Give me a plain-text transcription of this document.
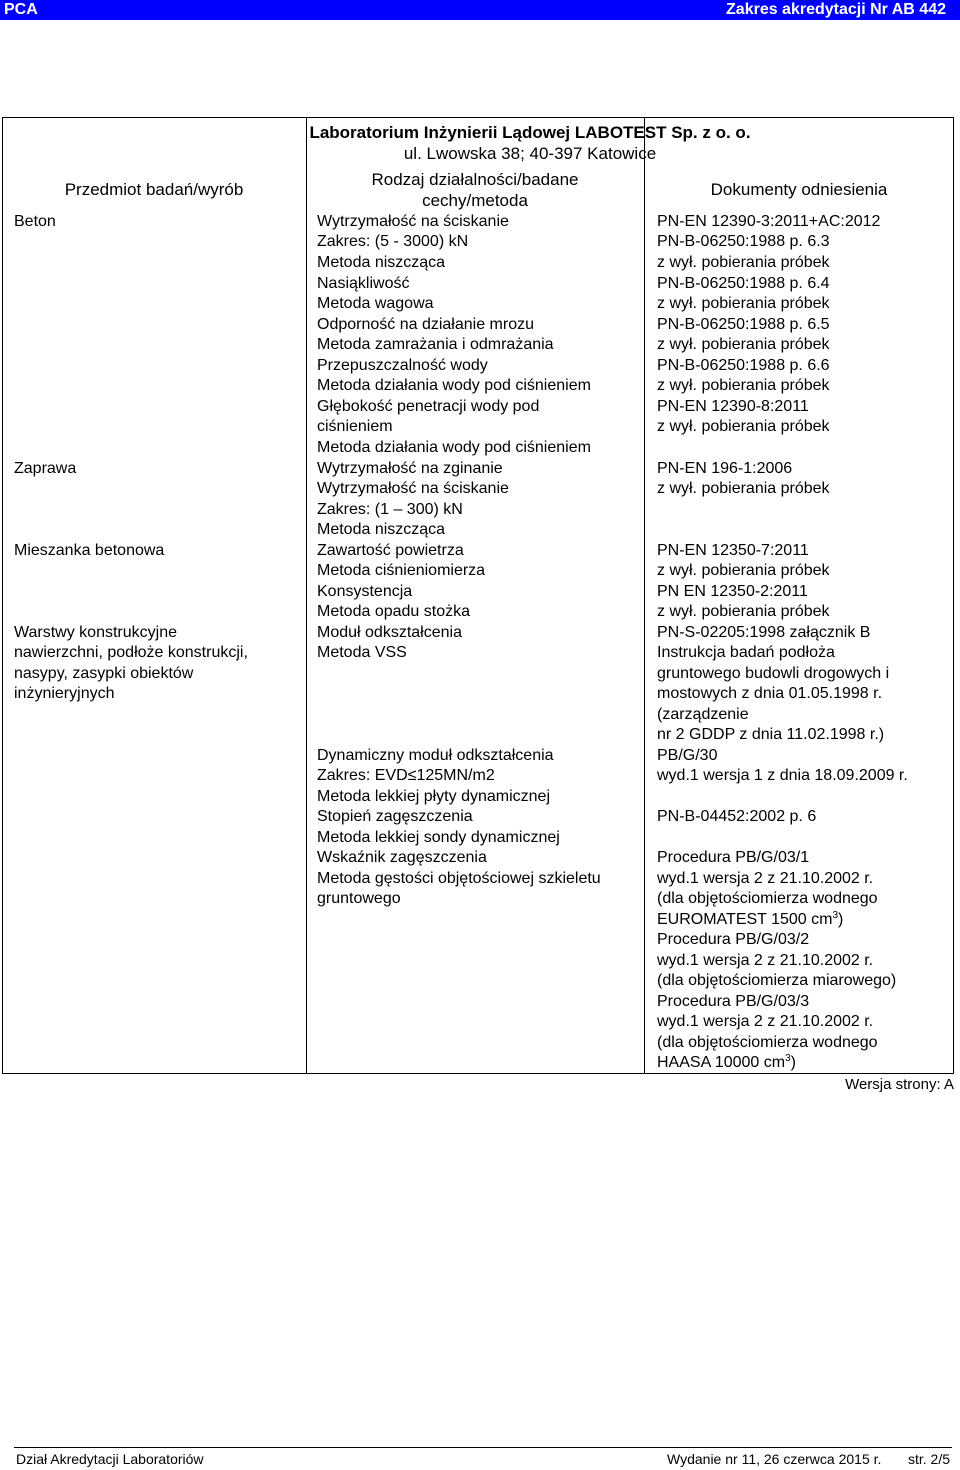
PCA	Zakres akredytacji Nr AB 442
Laboratorium Inżynierii Lądowej LABOTEST Sp. z o. o.
ul. Lwowska 38; 40-397 Katowice
Przedmiot badań/wyrób
Rodzaj działalności/badane
cechy/metoda
Dokumenty odniesienia
Beton
Zaprawa
Mieszanka betonowa
Warstwy konstrukcyjne
nawierzchni, podłoże konstrukcji,
nasypy, zasypki obiektów
inżynieryjnych
Wytrzymałość na ściskanie
Zakres: (5 - 3000) kN
Metoda niszcząca
Nasiąkliwość
Metoda wagowa
Odporność na działanie mrozu
Metoda zamrażania i odmrażania
Przepuszczalność wody
Metoda działania wody pod ciśnieniem
Głębokość penetracji wody pod
ciśnieniem
Metoda działania wody pod ciśnieniem
Wytrzymałość na zginanie
Wytrzymałość na ściskanie
Zakres: (1 – 300) kN
Metoda niszcząca
Zawartość powietrza
Metoda ciśnieniomierza
Konsystencja
Metoda opadu stożka
Moduł odkształcenia
Metoda VSS
Dynamiczny moduł odkształcenia
Zakres: EVD≤125MN/m2
Metoda lekkiej płyty dynamicznej
Stopień zagęszczenia
Metoda lekkiej sondy dynamicznej
Wskaźnik zagęszczenia
Metoda gęstości objętościowej szkieletu
gruntowego
PN-EN 12390-3:2011+AC:2012
PN-B-06250:1988 p. 6.3
z wył. pobierania próbek
PN-B-06250:1988 p. 6.4
z wył. pobierania próbek
PN-B-06250:1988 p. 6.5
z wył. pobierania próbek
PN-B-06250:1988 p. 6.6
z wył. pobierania próbek
PN-EN 12390-8:2011
z wył. pobierania próbek
PN-EN 196-1:2006
z wył. pobierania próbek
PN-EN 12350-7:2011
z wył. pobierania próbek
PN EN 12350-2:2011
z wył. pobierania próbek
PN-S-02205:1998 załącznik B
Instrukcja badań podłoża
gruntowego budowli drogowych i
mostowych z dnia 01.05.1998 r.
(zarządzenie
nr 2 GDDP z dnia 11.02.1998 r.)
PB/G/30
wyd.1 wersja 1 z dnia 18.09.2009 r.
PN-B-04452:2002 p. 6
Procedura PB/G/03/1
wyd.1 wersja 2 z 21.10.2002 r.
(dla objętościomierza wodnego
EUROMATEST 1500 $cm^3$)
Procedura PB/G/03/2
wyd.1 wersja 2 z 21.10.2002 r.
(dla objętościomierza miarowego)
Procedura PB/G/03/3
wyd.1 wersja 2 z 21.10.2002 r.
(dla objętościomierza wodnego
HAASA 10000 $cm^3$)
Wersja strony: A
Dział Akredytacji Laboratoriów	Wydanie nr 11, 26 czerwca 2015 r. str. 2/5
